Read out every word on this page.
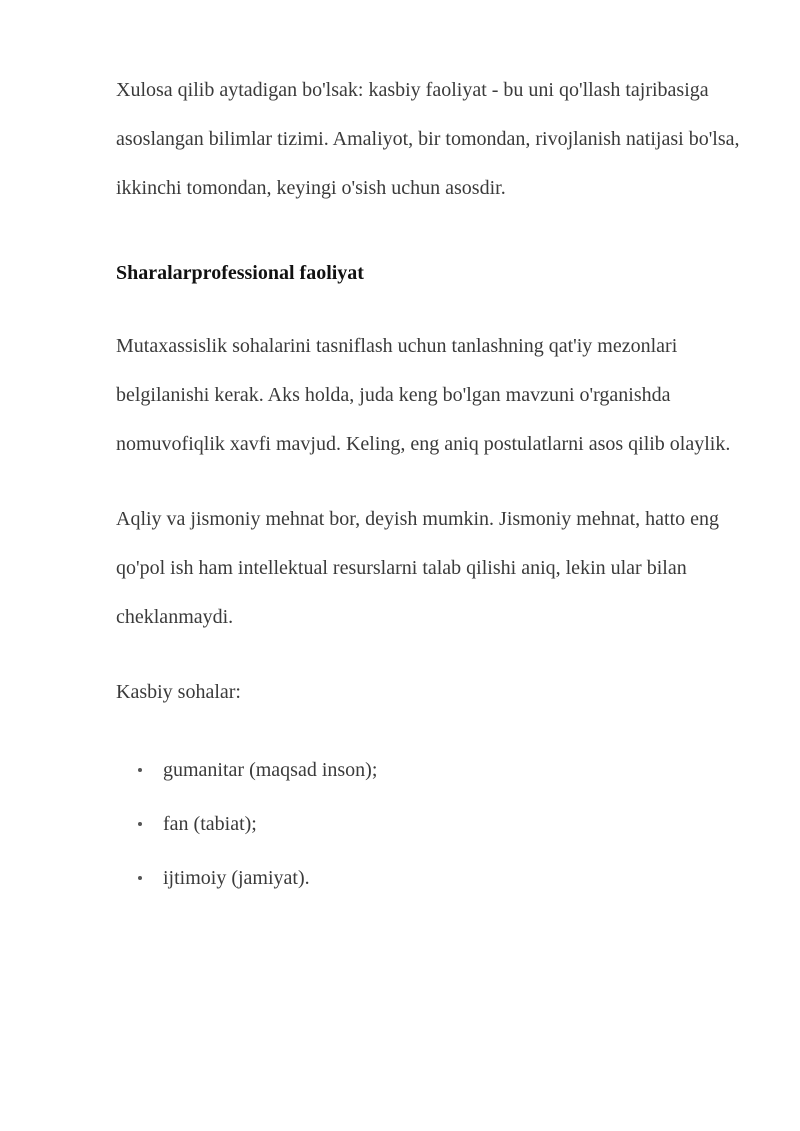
Xulosa qilib aytadigan bo'lsak: kasbiy faoliyat - bu uni qo'llash tajribasiga asoslangan bilimlar tizimi. Amaliyot, bir tomondan, rivojlanish natijasi bo'lsa, ikkinchi tomondan, keyingi o'sish uchun asosdir.

Sharalarprofessional faoliyat

Mutaxassislik sohalarini tasniflash uchun tanlashning qat'iy mezonlari belgilanishi kerak. Aks holda, juda keng bo'lgan mavzuni o'rganishda nomuvofiqlik xavfi mavjud. Keling, eng aniq postulatlarni asos qilib olaylik.

Aqliy va jismoniy mehnat bor, deyish mumkin. Jismoniy mehnat, hatto eng qo'pol ish ham intellektual resurslarni talab qilishi aniq, lekin ular bilan cheklanmaydi.

Kasbiy sohalar:

gumanitar (maqsad inson);
fan (tabiat);
ijtimoiy (jamiyat).
